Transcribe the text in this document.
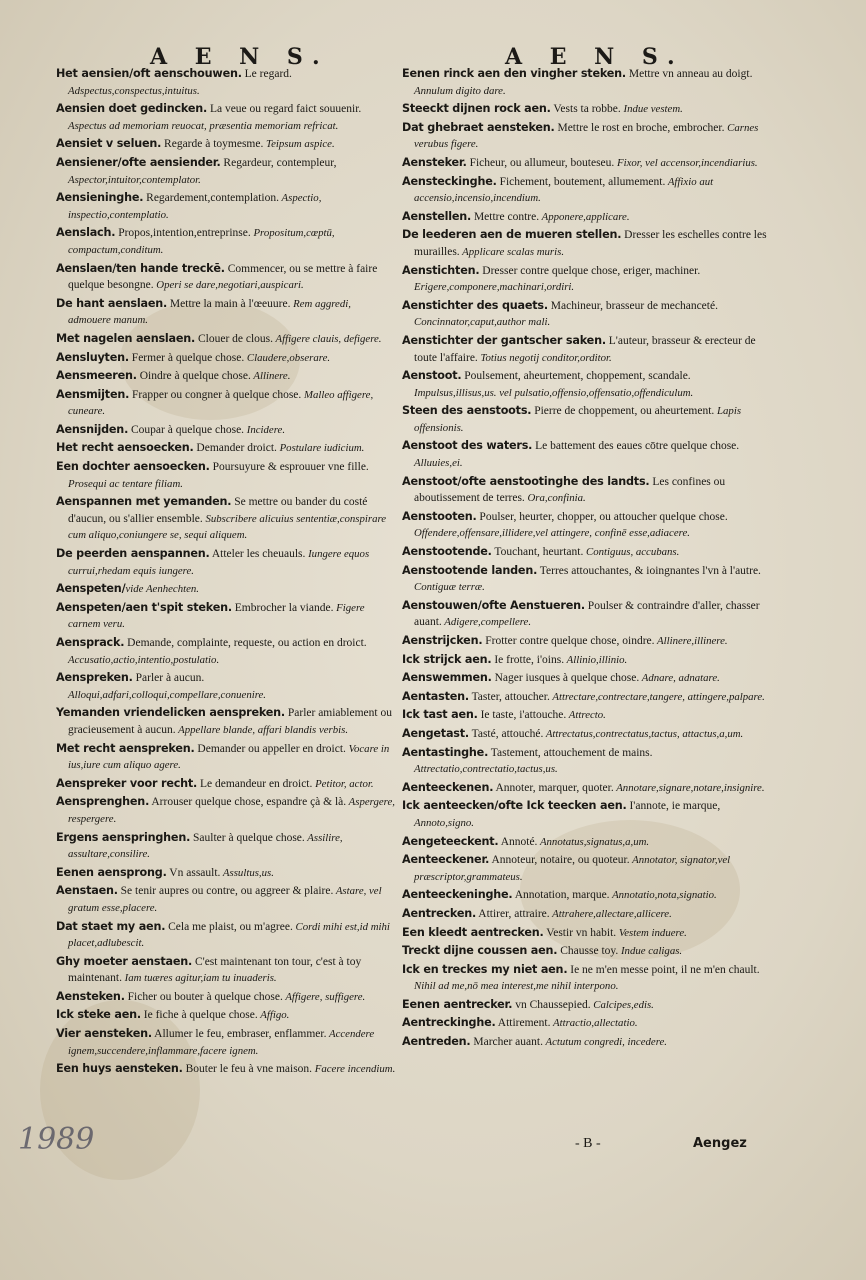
A E N S.	A E N S.
Het aensien/oft aenschouwen. Le regard. Adspectus,conspectus,intuitus.
Aensien doet gedincken. La veue ou regard faict souuenir. Aspectus ad memoriam reuocat, præsentia memoriam refricat.
Aensiet v seluen. Regarde à toymesme. Teipsum aspice.
Aensiener/ofte aensiender. Regardeur, contempleur, Aspector,intuitor,contemplator.
Aensieninghe. Regardement,contemplation. Aspectio, inspectio,contemplatio.
Aenslach. Propos,intention,entreprinse. Propositum,cœptū, compactum,conditum.
Aenslaen/ten hande treckē. Commencer, ou se mettre à faire quelque besongne. Operi se dare,negotiari,auspicari.
De hant aenslaen. Mettre la main à l'œeuure. Rem aggredi, admouere manum.
Met nagelen aenslaen. Clouer de clous. Affigere clauis, defigere.
Aensluyten. Fermer à quelque chose. Claudere,obserare.
Aensmeeren. Oindre à quelque chose. Allinere.
Aensmijten. Frapper ou congner à quelque chose. Malleo affigere, cuneare.
Aensnijden. Coupar à quelque chose. Incidere.
Het recht aensoecken. Demander droict. Postulare iudicium.
Een dochter aensoecken. Poursuyure & esprouuer vne fille. Prosequi ac tentare filiam.
Aenspannen met yemanden. Se mettre ou bander du costé d'aucun, ou s'allier ensemble. Subscribere alicuius sententiæ,conspirare cum aliquo,coniungere se, sequi aliquem.
De peerden aenspannen. Atteler les cheuauls. Iungere equos currui,rhedam equis iungere.
Aenspeten/vide Aenhechten.
Aenspeten/aen t'spit steken. Embrocher la viande. Figere carnem veru.
Aensprack. Demande, complainte, requeste, ou action en droict. Accusatio,actio,intentio,postulatio.
Aenspreken. Parler à aucun. Alloqui,adfari,colloqui,compellare,conuenire.
Yemanden vriendelicken aenspreken. Parler amiablement ou gracieusement à aucun. Appellare blande, affari blandis verbis.
Met recht aenspreken. Demander ou appeller en droict. Vocare in ius,iure cum aliquo agere.
Aenspreker voor recht. Le demandeur en droict. Petitor, actor.
Aensprenghen. Arrouser quelque chose, espandre çà & là. Aspergere, respergere.
Ergens aenspringhen. Saulter à quelque chose. Assilire, assultare,consilire.
Eenen aensprong. Vn assault. Assultus,us.
Aenstaen. Se tenir aupres ou contre, ou aggreer & plaire. Astare, vel gratum esse,placere.
Dat staet my aen. Cela me plaist, ou m'agree. Cordi mihi est,id mihi placet,adlubescit.
Ghy moeter aenstaen. C'est maintenant ton tour, c'est à toy maintenant. Iam tuæres agitur,iam tu inuaderis.
Aensteken. Ficher ou bouter à quelque chose. Affigere, suffigere.
Ick steke aen. Ie fiche à quelque chose. Affigo.
Vier aensteken. Allumer le feu, embraser, enflammer. Accendere ignem,succendere,inflammare,facere ignem.
Een huys aensteken. Bouter le feu à vne maison. Facere incendium.
Eenen rinck aen den vingher steken. Mettre vn anneau au doigt. Annulum digito dare.
Steeckt dijnen rock aen. Vests ta robbe. Indue vestem.
Dat ghebraet aensteken. Mettre le rost en broche, embrocher. Carnes verubus figere.
Aensteker. Ficheur, ou allumeur, bouteseu. Fixor, vel accensor,incendiarius.
Aensteckinghe. Fichement, boutement, allumement. Affixio aut accensio,incensio,incendium.
Aenstellen. Mettre contre. Apponere,applicare.
De leederen aen de mueren stellen. Dresser les eschelles contre les murailles. Applicare scalas muris.
Aenstichten. Dresser contre quelque chose, eriger, machiner. Erigere,componere,machinari,ordiri.
Aenstichter des quaets. Machineur, brasseur de mechanceté. Concinnator,caput,author mali.
Aenstichter der gantscher saken. L'auteur, brasseur & erecteur de toute l'affaire. Totius negotij conditor,orditor.
Aenstoot. Poulsement, aheurtement, choppement, scandale. Impulsus,illisus,us. vel pulsatio,offensio,offensatio,offendiculum.
Steen des aenstoots. Pierre de choppement, ou aheurtement. Lapis offensionis.
Aenstoot des waters. Le battement des eaues cōtre quelque chose. Alluuies,ei.
Aenstoot/ofte aenstootinghe des landts. Les confines ou aboutissement de terres. Ora,confinia.
Aenstooten. Poulser, heurter, chopper, ou attoucher quelque chose. Offendere,offensare,illidere,vel attingere, confinē esse,adiacere.
Aenstootende. Touchant, heurtant. Contiguus, accubans.
Aenstootende landen. Terres attouchantes, & ioingnantes l'vn à l'autre. Contiguæ terræ.
Aenstouwen/ofte Aenstueren. Poulser & contraindre d'aller, chasser auant. Adigere,compellere.
Aenstrijcken. Frotter contre quelque chose, oindre. Allinere,illinere.
Ick strijck aen. Ie frotte, i'oins. Allinio,illinio.
Aenswemmen. Nager iusques à quelque chose. Adnare, adnatare.
Aentasten. Taster, attoucher. Attrectare,contrectare,tangere, attingere,palpare.
Ick tast aen. Ie taste, i'attouche. Attrecto.
Aengetast. Tasté, attouché. Attrectatus,contrectatus,tactus, attactus,a,um.
Aentastinghe. Tastement, attouchement de mains. Attrectatio,contrectatio,tactus,us.
Aenteeckenen. Annoter, marquer, quoter. Annotare,signare,notare,insignire.
Ick aenteecken/ofte Ick teecken aen. I'annote, ie marque, Annoto,signo.
Aengeteeckent. Annoté. Annotatus,signatus,a,um.
Aenteeckener. Annoteur, notaire, ou quoteur. Annotator, signator,vel præscriptor,grammateus.
Aenteeckeninghe. Annotation, marque. Annotatio,nota,signatio.
Aentrecken. Attirer, attraire. Attrahere,allectare,allicere.
Een kleedt aentrecken. Vestir vn habit. Vestem induere.
Treckt dijne coussen aen. Chausse toy. Indue caligas.
Ick en treckes my niet aen. Ie ne m'en messe point, il ne m'en chault. Nihil ad me,nō mea interest,me nihil interpono.
Eenen aentrecker. vn Chaussepied. Calcipes,edis.
Aentreckinghe. Attirement. Attractio,allectatio.
Aentreden. Marcher auant. Actutum congredi, incedere.
1989	- B -	Aengez
